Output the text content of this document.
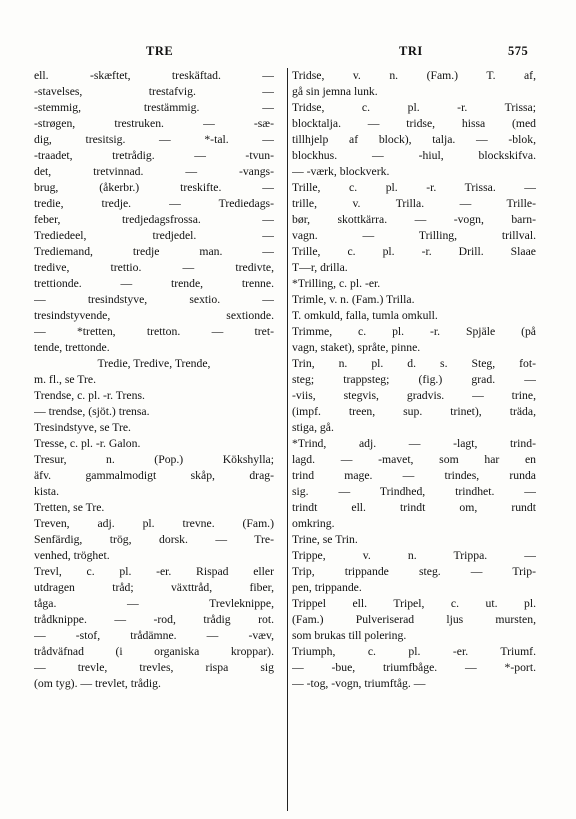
TRE	TRI	575
ell. -skæftet, treskäftad. —
-stavelses, trestafvig. —
-stemmig, trestämmig. —
-strøgen, trestruken. — -sæ-
dig, tresitsig. — *-tal. —
-traadet, tretrådig. — -tvun-
det, tretvinnad. — -vangs-
brug, (åkerbr.) treskifte. —
tredie, tredje. — Trediedags-
feber, tredjedagsfrossa. —
Trediedeel, tredjedel. —
Trediemand, tredje man. —
tredive, trettio. — tredivte,
trettionde. — trende, trenne.
— tresindstyve, sextio. —
tresindstyvende, sextionde.
— *tretten, tretton. — tret-
tende, trettonde.
Tredie, Tredive, Trende,
m. fl., se Tre.
Trendse, c. pl. -r. Trens.
— trendse, (sjöt.) trensa.
Tresindstyve, se Tre.
Tresse, c. pl. -r. Galon.
Tresur, n. (Pop.) Kökshylla;
äfv. gammalmodigt skåp, drag-
kista.
Tretten, se Tre.
Treven, adj. pl. trevne. (Fam.)
Senfärdig, trög, dorsk. — Tre-
venhed, tröghet.
Trevl, c. pl. -er. Rispad eller
utdragen tråd; växttråd, fiber,
tåga. — Trevleknippe,
trådknippe. — -rod, trådig rot.
— -stof, trådämne. — -væv,
trådväfnad (i organiska kroppar).
— trevle, trevles, rispa sig
(om tyg). — trevlet, trådig.
Tridse, v. n. (Fam.) T. af,
gå sin jemna lunk.
Tridse, c. pl. -r. Trissa;
blocktalja. — tridse, hissa (med
tillhjelp af block), talja. — -blok,
blockhus. — -hiul, blockskifva.
— -værk, blockverk.
Trille, c. pl. -r. Trissa. —
trille, v. Trilla. — Trille-
bør, skottkärra. — -vogn, barn-
vagn. — Trilling, trillval.
Trille, c. pl. -r. Drill. Slaae
T—r, drilla.
*Trilling, c. pl. -er.
Trimle, v. n. (Fam.) Trilla.
T. omkuld, falla, tumla omkull.
Trimme, c. pl. -r. Spjäle (på
vagn, staket), språte, pinne.
Trin, n. pl. d. s. Steg, fot-
steg; trappsteg; (fig.) grad. —
-viis, stegvis, gradvis. — trine,
(impf. treen, sup. trinet), träda,
stiga, gå.
*Trind, adj. — -lagt, trind-
lagd. — -mavet, som har en
trind mage. — trindes, runda
sig. — Trindhed, trindhet. —
trindt ell. trindt om, rundt
omkring.
Trine, se Trin.
Trippe, v. n. Trippa. —
Trip, trippande steg. — Trip-
pen, trippande.
Trippel ell. Tripel, c. ut. pl.
(Fam.) Pulveriserad ljus mursten,
som brukas till polering.
Triumph, c. pl. -er. Triumf.
— -bue, triumfbåge. — *-port.
— -tog, -vogn, triumftåg. —
